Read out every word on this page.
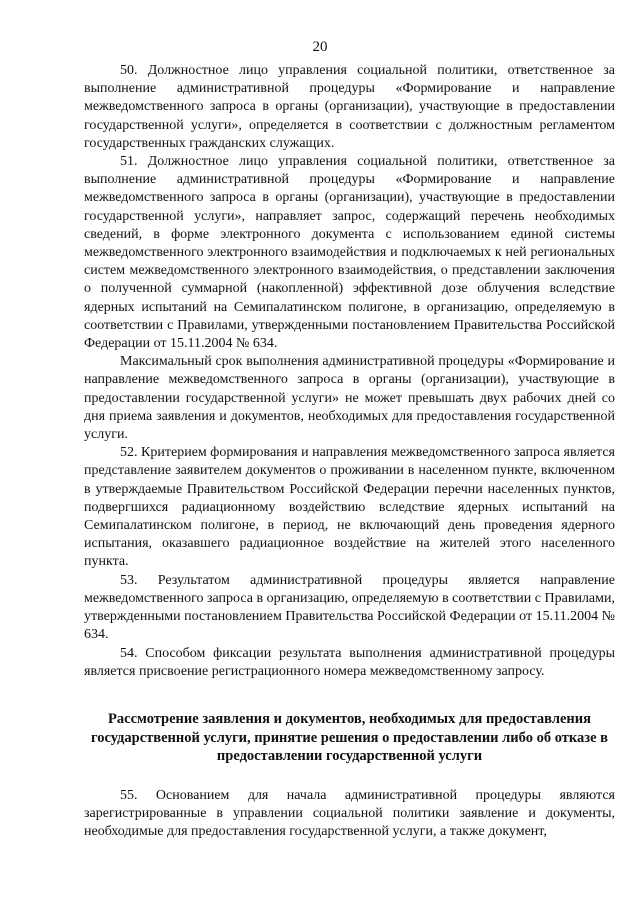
20

50. Должностное лицо управления социальной политики, ответственное за выполнение административной процедуры «Формирование и направление межведомственного запроса в органы (организации), участвующие в предоставлении государственной услуги», определяется в соответствии с должностным регламентом государственных гражданских служащих.

51. Должностное лицо управления социальной политики, ответственное за выполнение административной процедуры «Формирование и направление межведомственного запроса в органы (организации), участвующие в предоставлении государственной услуги», направляет запрос, содержащий перечень необходимых сведений, в форме электронного документа с использованием единой системы межведомственного электронного взаимодействия и подключаемых к ней региональных систем межведомственного электронного взаимодействия, о представлении заключения о полученной суммарной (накопленной) эффективной дозе облучения вследствие ядерных испытаний на Семипалатинском полигоне, в организацию, определяемую в соответствии с Правилами, утвержденными постановлением Правительства Российской Федерации от 15.11.2004 № 634.

Максимальный срок выполнения административной процедуры «Формирование и направление межведомственного запроса в органы (организации), участвующие в предоставлении государственной услуги» не может превышать двух рабочих дней со дня приема заявления и документов, необходимых для предоставления государственной услуги.

52. Критерием формирования и направления межведомственного запроса является представление заявителем документов о проживании в населенном пункте, включенном в утверждаемые Правительством Российской Федерации перечни населенных пунктов, подвергшихся радиационному воздействию вследствие ядерных испытаний на Семипалатинском полигоне, в период, не включающий день проведения ядерного испытания, оказавшего радиационное воздействие на жителей этого населенного пункта.

53. Результатом административной процедуры является направление межведомственного запроса в организацию, определяемую в соответствии с Правилами, утвержденными постановлением Правительства Российской Федерации от 15.11.2004 № 634.

54. Способом фиксации результата выполнения административной процедуры является присвоение регистрационного номера межведомственному запросу.

Рассмотрение заявления и документов, необходимых для предоставления государственной услуги, принятие решения о предоставлении либо об отказе в предоставлении государственной услуги

55. Основанием для начала административной процедуры являются зарегистрированные в управлении социальной политики заявление и документы, необходимые для предоставления государственной услуги, а также документ,
